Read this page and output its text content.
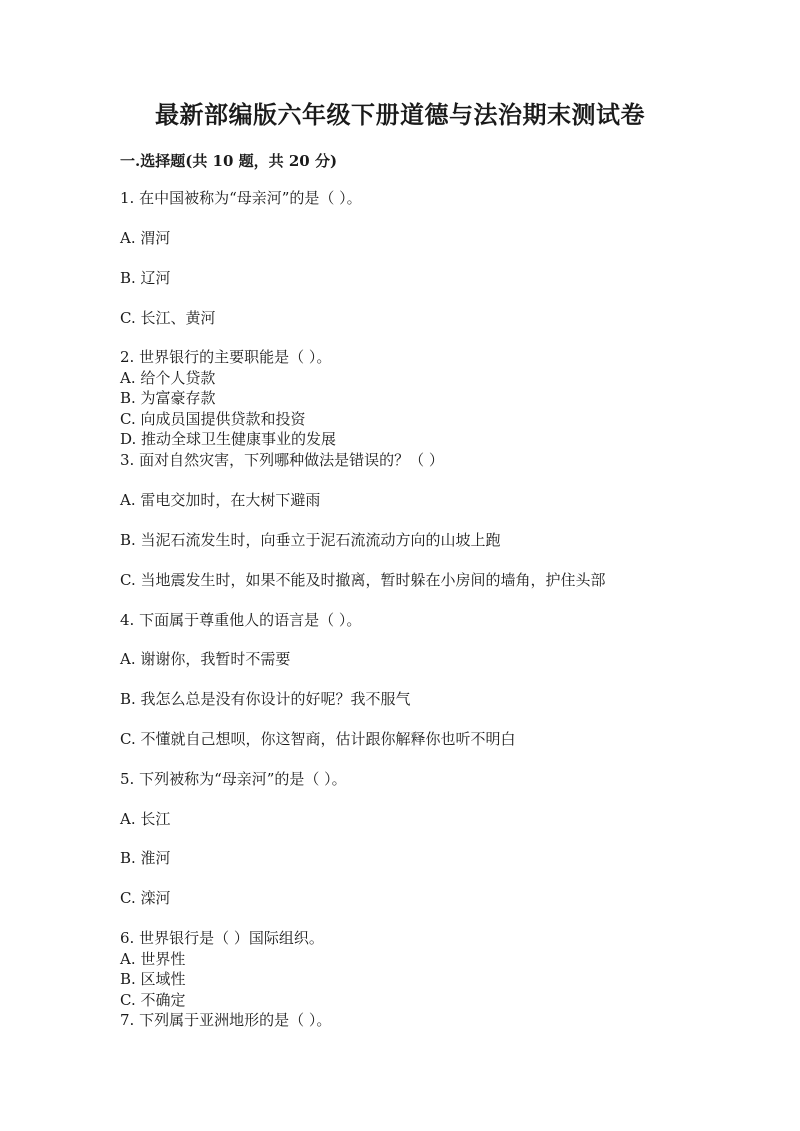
最新部编版六年级下册道德与法治期末测试卷
一.选择题(共 10 题，共 20 分)
1. 在中国被称为“母亲河”的是（ ）。
A. 渭河
B. 辽河
C. 长江、黄河
2. 世界银行的主要职能是（ ）。
A. 给个人贷款
B. 为富豪存款
C. 向成员国提供贷款和投资
D. 推动全球卫生健康事业的发展
3. 面对自然灾害，下列哪种做法是错误的？（ ）
A. 雷电交加时，在大树下避雨
B. 当泥石流发生时，向垂立于泥石流流动方向的山坡上跑
C. 当地震发生时，如果不能及时撤离，暂时躲在小房间的墙角，护住头部
4. 下面属于尊重他人的语言是（ ）。
A. 谢谢你，我暂时不需要
B. 我怎么总是没有你设计的好呢？我不服气
C. 不懂就自己想呗，你这智商，估计跟你解释你也听不明白
5. 下列被称为“母亲河”的是（ ）。
A. 长江
B. 淮河
C. 滦河
6. 世界银行是（ ）国际组织。
A. 世界性
B. 区域性
C. 不确定
7. 下列属于亚洲地形的是（ ）。
